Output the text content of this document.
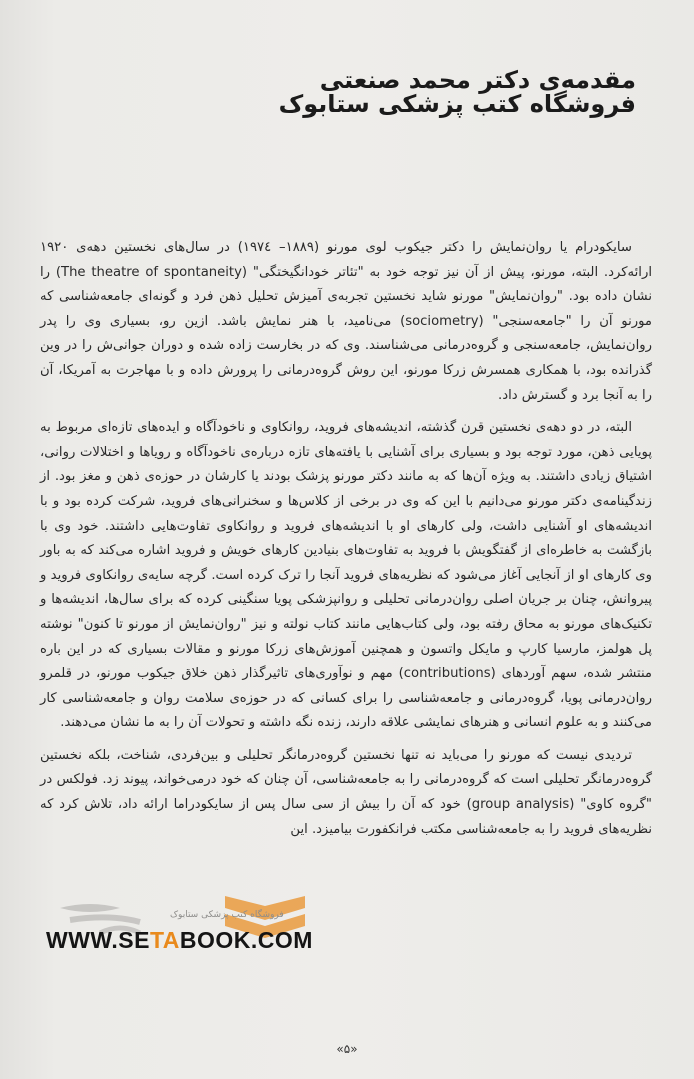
مقدمه‌ی دکتر محمد صنعتی
فروشگاه کتب پزشکی ستابوک

سایکودرام یا روان‌نمایش را دکتر جیکوب لوی مورنو (۱۸۸۹– ۱۹۷٤) در سال‌های نخستین دهه‌ی ۱۹۲۰ ارائه‌کرد. البته، مورنو، پیش از آن نیز توجه خود به "تئاتر خودانگیختگی" (The theatre of spontaneity) را نشان داده بود. "روان‌نمایش" مورنو شاید نخستین تجربه‌ی آمیزش تحلیل ذهن فرد و گونه‌ای جامعه‌شناسی که مورنو آن را "جامعه‌سنجی" (sociometry) می‌نامید، با هنر نمایش باشد. ازین رو، بسیاری وی را پدر روان‌نمایش، جامعه‌سنجی و گروه‌درمانی می‌شناسند. وی که در بخارست زاده شده و دوران جوانی‌ش را در وین گذرانده بود، با همکاری همسرش زرکا مورنو، این روش گروه‌درمانی را پرورش داده و با مهاجرت به آمریکا، آن را به آنجا برد و گسترش داد.

البته، در دو دهه‌ی نخستین قرن گذشته، اندیشه‌های فروید، روانکاوی و ناخودآگاه و ایده‌های تازه‌ای مربوط به پویایی ذهن، مورد توجه بود و بسیاری برای آشنایی با یافته‌های تازه درباره‌ی ناخودآگاه و رویاها و اختلالات روانی، اشتیاق زیادی داشتند. به ویژه آن‌ها که به مانند دکتر مورنو پزشک بودند یا کارشان در حوزه‌ی ذهن و مغز بود. از زندگینامه‌ی دکتر مورنو می‌دانیم با این که وی در برخی از کلاس‌ها و سخنرانی‌های فروید، شرکت کرده بود و با اندیشه‌های او آشنایی داشت، ولی کارهای او با اندیشه‌های فروید و روانکاوی تفاوت‌هایی داشتند. خود وی با بازگشت به خاطره‌ای از گفتگویش با فروید به تفاوت‌های بنیادین کارهای خویش و فروید اشاره می‌کند که به باور وی کارهای او از آنجایی آغاز می‌شود که نظریه‌های فروید آنجا را ترک کرده است. گرچه سایه‌ی روانکاوی فروید و پیروانش، چنان بر جریان اصلی روان‌درمانی تحلیلی و روانپزشکی پویا سنگینی کرده که برای سال‌ها، اندیشه‌ها و تکنیک‌های مورنو به محاق رفته بود، ولی کتاب‌هایی مانند کتاب نولته و نیز "روان‌نمایش از مورنو تا کنون" نوشته پل هولمز، مارسیا کارپ و مایکل واتسون و همچنین آموزش‌های زرکا مورنو و مقالات بسیاری که در این باره منتشر شده، سهم آوردهای (contributions) مهم و نوآوری‌های تاثیرگذار ذهن خلاق جیکوب مورنو، در قلمرو روان‌درمانی پویا، گروه‌درمانی و جامعه‌شناسی را برای کسانی که در حوزه‌ی سلامت روان و جامعه‌شناسی کار می‌کنند و به علوم انسانی و هنرهای نمایشی علاقه دارند، زنده نگه داشته و تحولات آن را به ما نشان می‌دهند.

تردیدی نیست که مورنو را می‌باید نه تنها نخستین گروه‌درمانگر تحلیلی و بین‌فردی، شناخت، بلکه نخستین گروه‌درمانگر تحلیلی است که گروه‌درمانی را به جامعه‌شناسی، آن چنان که خود درمی‌خواند، پیوند زد. فولکس در "گروه کاوی" (group analysis) خود که آن را بیش از سی سال پس از سایکودراما ارائه داد، تلاش کرد که نظریه‌های فروید را به جامعه‌شناسی مکتب فرانکفورت بیامیزد. این

فروشگاه کتب پزشکی ستابوک
WWW.SETABOOK.COM
«۵»
